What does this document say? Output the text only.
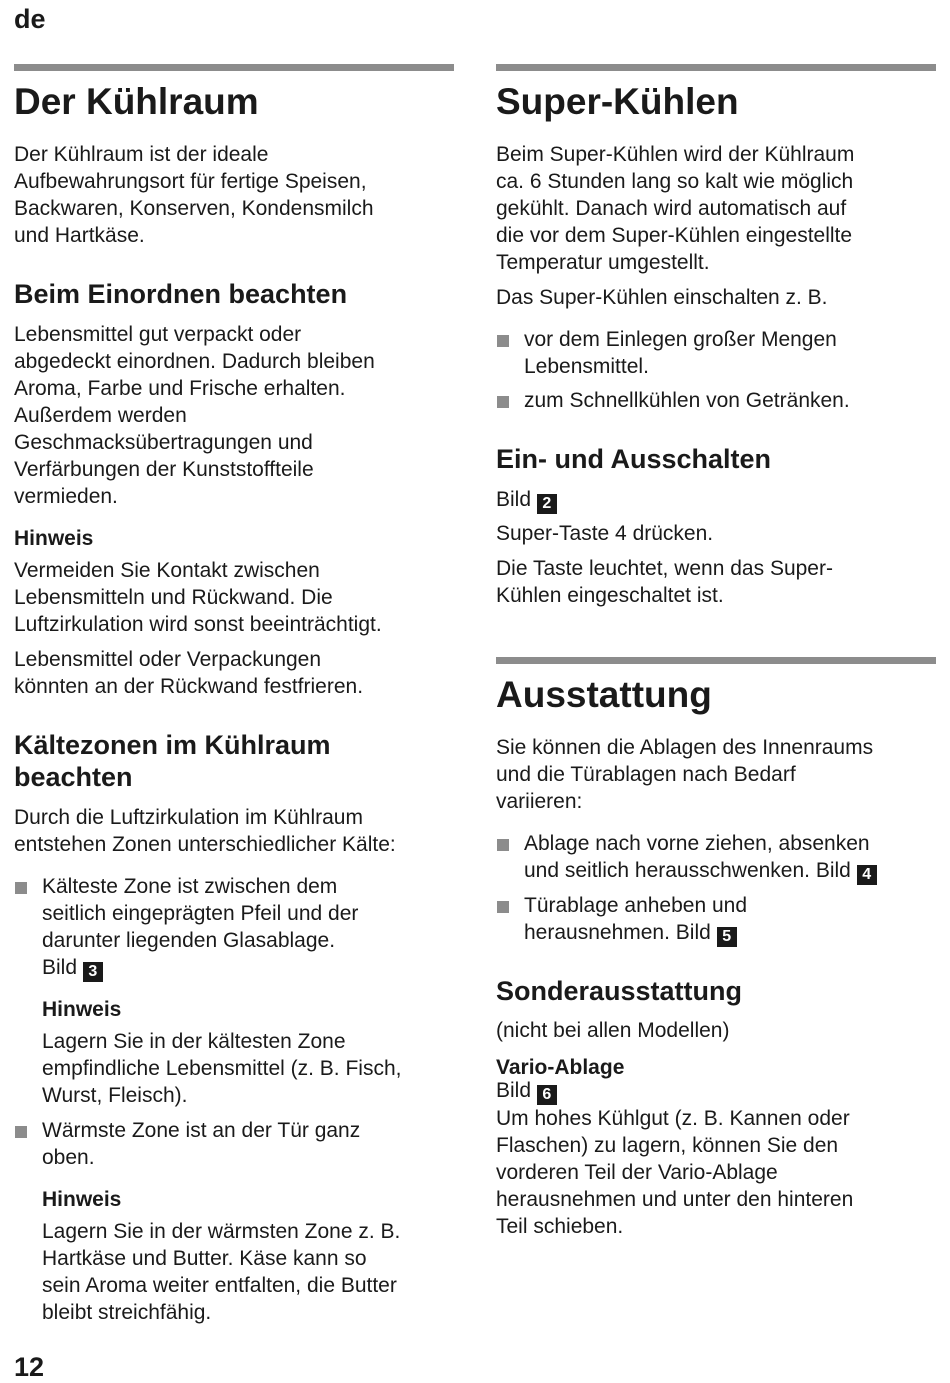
de
Der Kühlraum

Der Kühlraum ist der ideale

Aufbewahrungsort für fertige Speisen,

Backwaren, Konserven, Kondensmilch

und Hartkäse.

Beim Einordnen beachten

Lebensmittel gut verpackt oder

abgedeckt einordnen. Dadurch bleiben

Aroma, Farbe und Frische erhalten.

Außerdem werden

Geschmacksübertragungen und

Verfärbungen der Kunststoffteile

vermieden.

Hinweis

Vermeiden Sie Kontakt zwischen

Lebensmitteln und Rückwand. Die

Luftzirkulation wird sonst beeinträchtigt.

Lebensmittel oder Verpackungen

könnten an der Rückwand festfrieren.

Kältezonen im Kühlraum
beachten

Durch die Luftzirkulation im Kühlraum

entstehen Zonen unterschiedlicher Kälte:

Kälteste Zone ist zwischen dem
seitlich eingeprägten Pfeil und der
darunter liegenden Glasablage.
Bild 3
Hinweis

Lagern Sie in der kältesten Zone

empfindliche Lebensmittel (z. B. Fisch,

Wurst, Fleisch).

Wärmste Zone ist an der Tür ganz
oben.
Hinweis

Lagern Sie in der wärmsten Zone z. B.

Hartkäse und Butter. Käse kann so

sein Aroma weiter entfalten, die Butter

bleibt streichfähig.

Super-Kühlen

Beim Super-Kühlen wird der Kühlraum

ca. 6 Stunden lang so kalt wie möglich

gekühlt. Danach wird automatisch auf

die vor dem Super-Kühlen eingestellte

Temperatur umgestellt.

Das Super-Kühlen einschalten z. B.

vor dem Einlegen großer Mengen
Lebensmittel.
zum Schnellkühlen von Getränken.
Ein- und Ausschalten

Bild 2

Super-Taste 4 drücken.

Die Taste leuchtet, wenn das Super-

Kühlen eingeschaltet ist.

Ausstattung

Sie können die Ablagen des Innenraums

und die Türablagen nach Bedarf

variieren:

Ablage nach vorne ziehen, absenken
und seitlich herausschwenken. Bild 4
Türablage anheben und
herausnehmen. Bild 5
Sonderausstattung

(nicht bei allen Modellen)

Vario-Ablage

Bild 6

Um hohes Kühlgut (z. B. Kannen oder

Flaschen) zu lagern, können Sie den

vorderen Teil der Vario-Ablage

herausnehmen und unter den hinteren

Teil schieben.

12
